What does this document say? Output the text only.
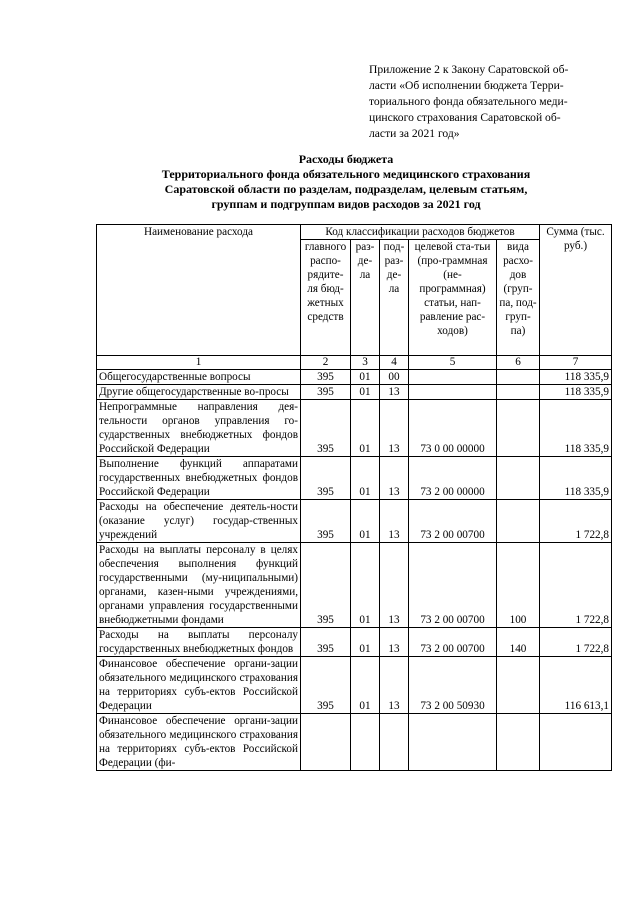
Приложение 2 к Закону Саратовской об-
ласти «Об исполнении бюджета Терри-
ториального фонда обязательного меди-
цинского страхования Саратовской об-
ласти за 2021 год»
Расходы бюджета
Территориального фонда обязательного медицинского страхования
Саратовской области по разделам, подразделам, целевым статьям,
группам и подгруппам видов расходов за 2021 год
Наименование расхода	Код классификации расходов бюджетов					Сумма (тыс. руб.)
	главного распо-рядите-ля бюд-жетных средств	раз-де-ла	под-раз-де-ла	целевой ста-тьи (про-граммная (не-программная) статьи, нап-равление рас-ходов)	вида расхо-дов (груп-па, под-груп-па)	
1	2	3	4	5	6	7
Общегосударственные вопросы	395	01	00			118 335,9
Другие общегосударственные во-просы	395	01	13			118 335,9
Непрограммные направления дея-тельности органов управления го-сударственных внебюджетных фондов Российской Федерации	395	01	13	73 0 00 00000		118 335,9
Выполнение функций аппаратами государственных внебюджетных фондов Российской Федерации	395	01	13	73 2 00 00000		118 335,9
Расходы на обеспечение деятель-ности (оказание услуг) государ-ственных учреждений	395	01	13	73 2 00 00700		1 722,8
Расходы на выплаты персоналу в целях обеспечения выполнения функций государственными (му-ниципальными) органами, казен-ными учреждениями, органами управления государственными внебюджетными фондами	395	01	13	73 2 00 00700	100	1 722,8
Расходы на выплаты персоналу государственных внебюджетных фондов	395	01	13	73 2 00 00700	140	1 722,8
Финансовое обеспечение органи-зации обязательного медицинского страхования на территориях субъ-ектов Российской Федерации	395	01	13	73 2 00 50930		116 613,1
Финансовое обеспечение органи-зации обязательного медицинского страхования на территориях субъ-ектов Российской Федерации (фи-						
